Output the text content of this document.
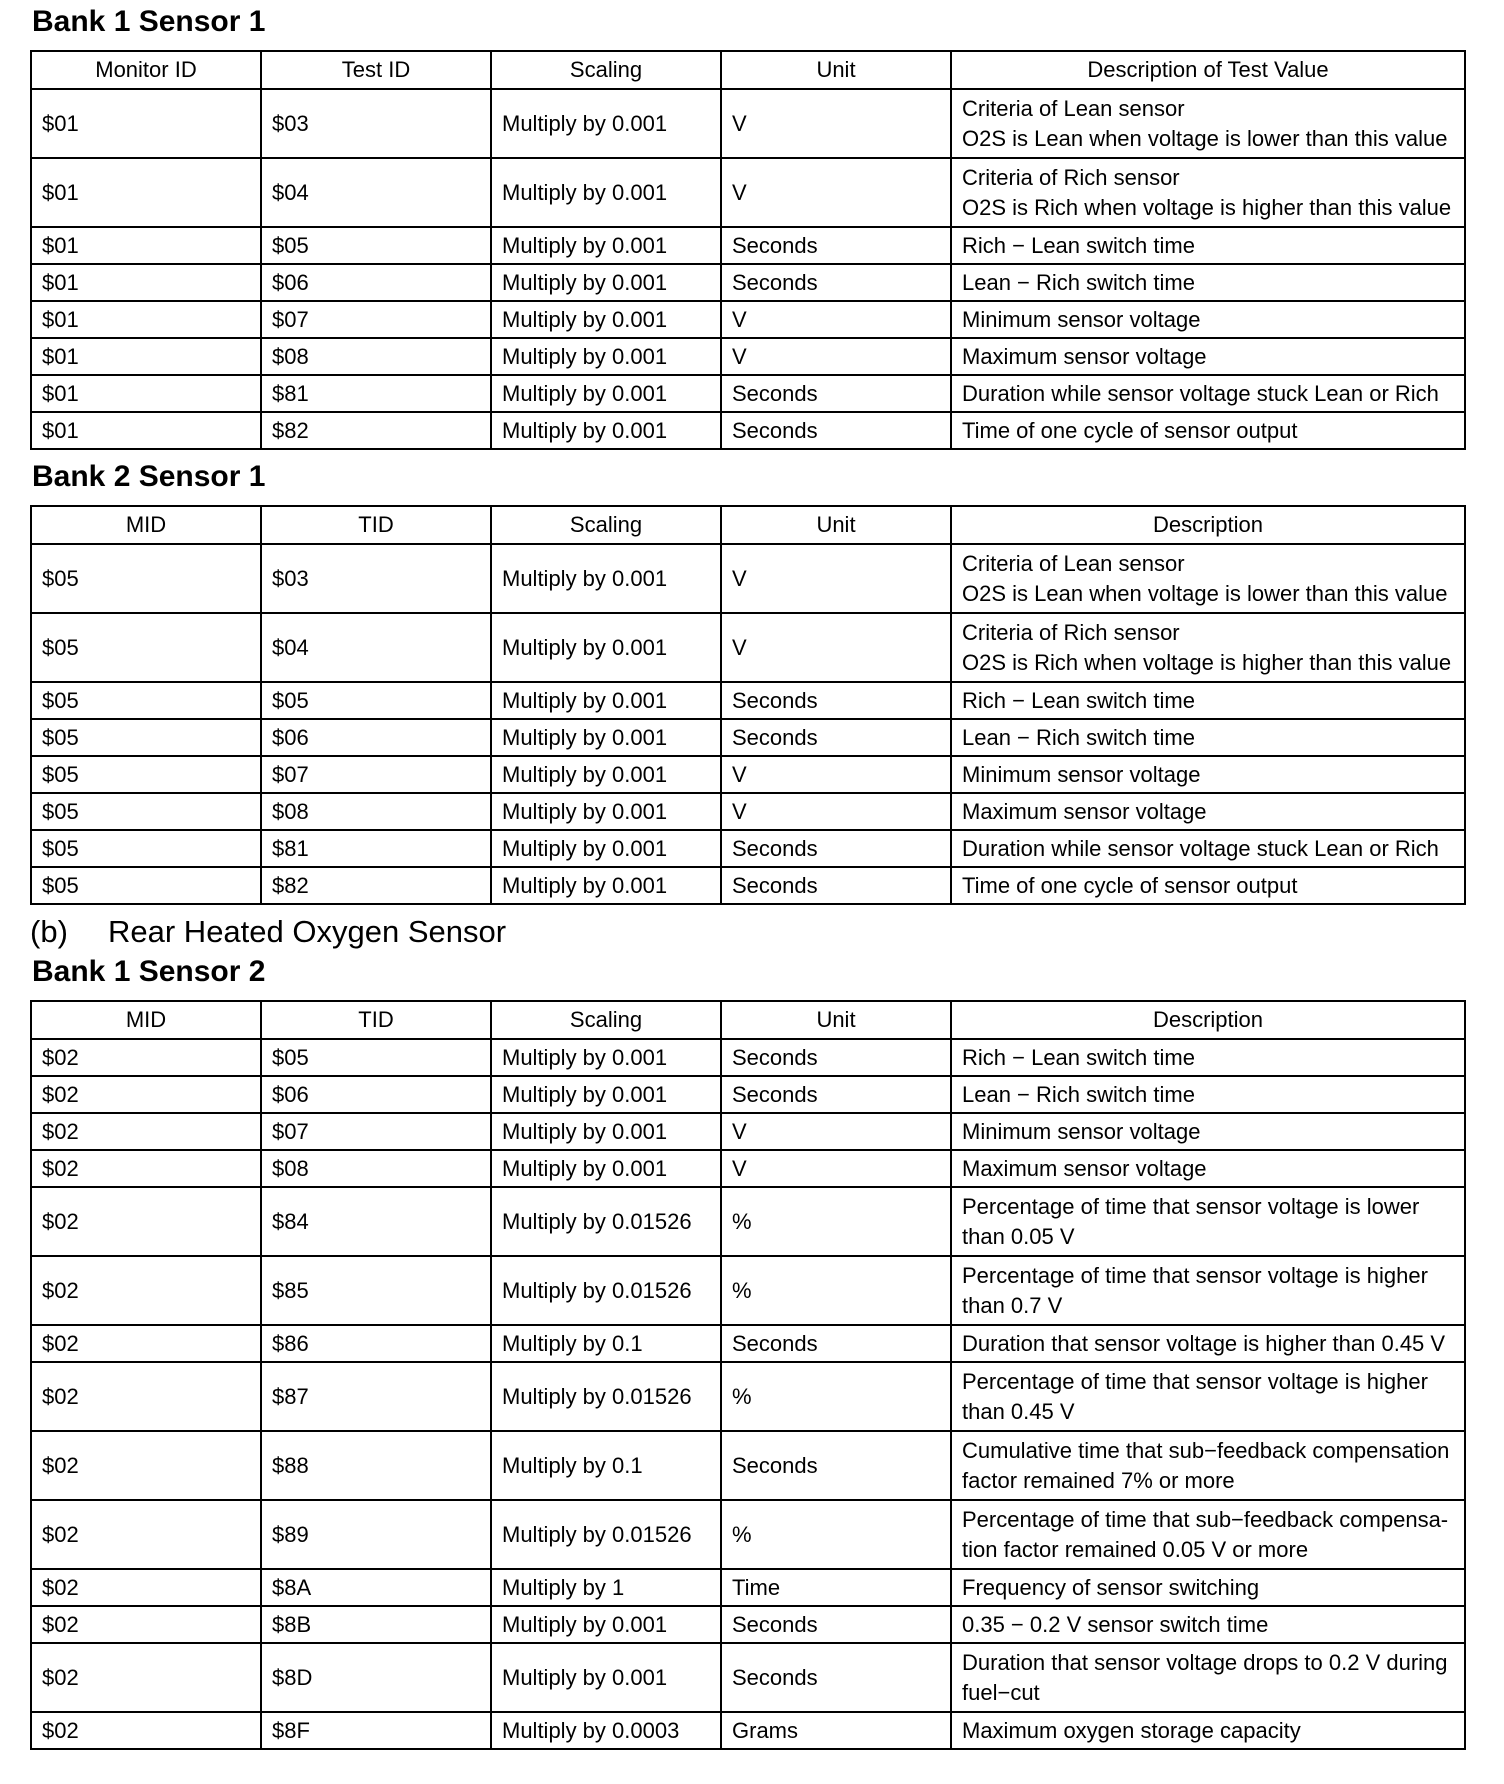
Bank 1 Sensor 1
Monitor ID	Test ID	Scaling	Unit	Description of Test Value
$01	$03	Multiply by 0.001	V	Criteria of Lean sensor
O2S is Lean when voltage is lower than this value

$01	$04	Multiply by 0.001	V	Criteria of Rich sensor
O2S is Rich when voltage is higher than this value

$01	$05	Multiply by 0.001	Seconds	Rich − Lean switch time

$01	$06	Multiply by 0.001	Seconds	Lean − Rich switch time

$01	$07	Multiply by 0.001	V	Minimum sensor voltage

$01	$08	Multiply by 0.001	V	Maximum sensor voltage

$01	$81	Multiply by 0.001	Seconds	Duration while sensor voltage stuck Lean or Rich

$01	$82	Multiply by 0.001	Seconds	Time of one cycle of sensor output
Bank 2 Sensor 1
MID	TID	Scaling	Unit	Description
$05	$03	Multiply by 0.001	V	Criteria of Lean sensor
O2S is Lean when voltage is lower than this value

$05	$04	Multiply by 0.001	V	Criteria of Rich sensor
O2S is Rich when voltage is higher than this value

$05	$05	Multiply by 0.001	Seconds	Rich − Lean switch time

$05	$06	Multiply by 0.001	Seconds	Lean − Rich switch time

$05	$07	Multiply by 0.001	V	Minimum sensor voltage

$05	$08	Multiply by 0.001	V	Maximum sensor voltage

$05	$81	Multiply by 0.001	Seconds	Duration while sensor voltage stuck Lean or Rich

$05	$82	Multiply by 0.001	Seconds	Time of one cycle of sensor output
(b) Rear Heated Oxygen Sensor
Bank 1 Sensor 2
MID	TID	Scaling	Unit	Description
$02	$05	Multiply by 0.001	Seconds	Rich − Lean switch time

$02	$06	Multiply by 0.001	Seconds	Lean − Rich switch time

$02	$07	Multiply by 0.001	V	Minimum sensor voltage

$02	$08	Multiply by 0.001	V	Maximum sensor voltage

$02	$84	Multiply by 0.01526	%	Percentage of time that sensor voltage is lower
than 0.05 V

$02	$85	Multiply by 0.01526	%	Percentage of time that sensor voltage is higher
than 0.7 V

$02	$86	Multiply by 0.1	Seconds	Duration that sensor voltage is higher than 0.45 V

$02	$87	Multiply by 0.01526	%	Percentage of time that sensor voltage is higher
than 0.45 V

$02	$88	Multiply by 0.1	Seconds	Cumulative time that sub−feedback compensation
factor remained 7% or more

$02	$89	Multiply by 0.01526	%	Percentage of time that sub−feedback compensa-
tion factor remained 0.05 V or more

$02	$8A	Multiply by 1	Time	Frequency of sensor switching

$02	$8B	Multiply by 0.001	Seconds	0.35 − 0.2 V sensor switch time

$02	$8D	Multiply by 0.001	Seconds	Duration that sensor voltage drops to 0.2 V during
fuel−cut

$02	$8F	Multiply by 0.0003	Grams	Maximum oxygen storage capacity
